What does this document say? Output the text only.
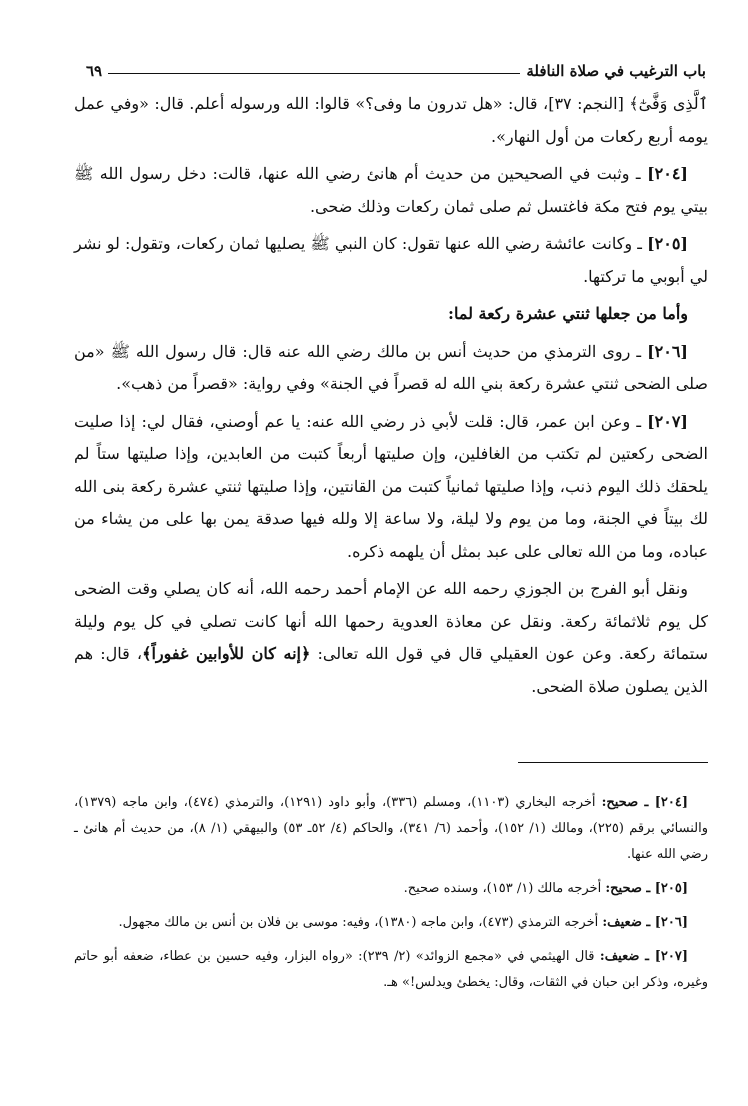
باب الترغيب في صلاة النافلة
٦٩

ٱلَّذِى وَفَّىٰٓ﴾ [النجم: ٣٧]، قال: «هل تدرون ما وفى؟» قالوا: الله ورسوله أعلم. قال: «وفي عمل يومه أربع ركعات من أول النهار».

[٢٠٤] ـ وثبت في الصحيحين من حديث أم هانئ رضي الله عنها، قالت: دخل رسول الله ﷺ بيتي يوم فتح مكة فاغتسل ثم صلى ثمان ركعات وذلك ضحى.

[٢٠٥] ـ وكانت عائشة رضي الله عنها تقول: كان النبي ﷺ يصليها ثمان ركعات، وتقول: لو نشر لي أبوبي ما تركتها.

وأما من جعلها ثنتي عشرة ركعة لما:

[٢٠٦] ـ روى الترمذي من حديث أنس بن مالك رضي الله عنه قال: قال رسول الله ﷺ «من صلى الضحى ثنتي عشرة ركعة بني الله له قصراً في الجنة» وفي رواية: «قصراً من ذهب».

[٢٠٧] ـ وعن ابن عمر، قال: قلت لأبي ذر رضي الله عنه: يا عم أوصني، فقال لي: إذا صليت الضحى ركعتين لم تكتب من الغافلين، وإن صليتها أربعاً كتبت من العابدين، وإذا صليتها ستاً لم يلحقك ذلك اليوم ذنب، وإذا صليتها ثمانياً كتبت من القانتين، وإذا صليتها ثنتي عشرة ركعة بنى الله لك بيتاً في الجنة، وما من يوم ولا ليلة، ولا ساعة إلا ولله فيها صدقة يمن بها على من يشاء من عباده، وما من الله تعالى على عبد بمثل أن يلهمه ذكره.

ونقل أبو الفرج بن الجوزي رحمه الله عن الإمام أحمد رحمه الله، أنه كان يصلي وقت الضحى كل يوم ثلاثمائة ركعة. ونقل عن معاذة العدوية رحمها الله أنها كانت تصلي في كل يوم وليلة ستمائة ركعة. وعن عون العقيلي قال في قول الله تعالى: ﴿إنه كان للأوابين غفوراً﴾، قال: هم الذين يصلون صلاة الضحى.

[٢٠٤] ـ صحيح: أخرجه البخاري (١١٠٣)، ومسلم (٣٣٦)، وأبو داود (١٢٩١)، والترمذي (٤٧٤)، وابن ماجه (١٣٧٩)، والنسائي برقم (٢٢٥)، ومالك (١/ ١٥٢)، وأحمد (٦/ ٣٤١)، والحاكم (٤/ ٥٢ـ ٥٣) والبيهقي (١/ ٨)، من حديث أم هانئ ـ رضي الله عنها.

[٢٠٥] ـ صحيح: أخرجه مالك (١/ ١٥٣)، وسنده صحيح.

[٢٠٦] ـ ضعيف: أخرجه الترمذي (٤٧٣)، وابن ماجه (١٣٨٠)، وفيه: موسى بن فلان بن أنس بن مالك مجهول.

[٢٠٧] ـ ضعيف: قال الهيثمي في «مجمع الزوائد» (٢/ ٢٣٩): «رواه البزار، وفيه حسين بن عطاء، ضعفه أبو حاتم وغيره، وذكر ابن حبان في الثقات، وقال: يخطئ ويدلس!» هـ.
